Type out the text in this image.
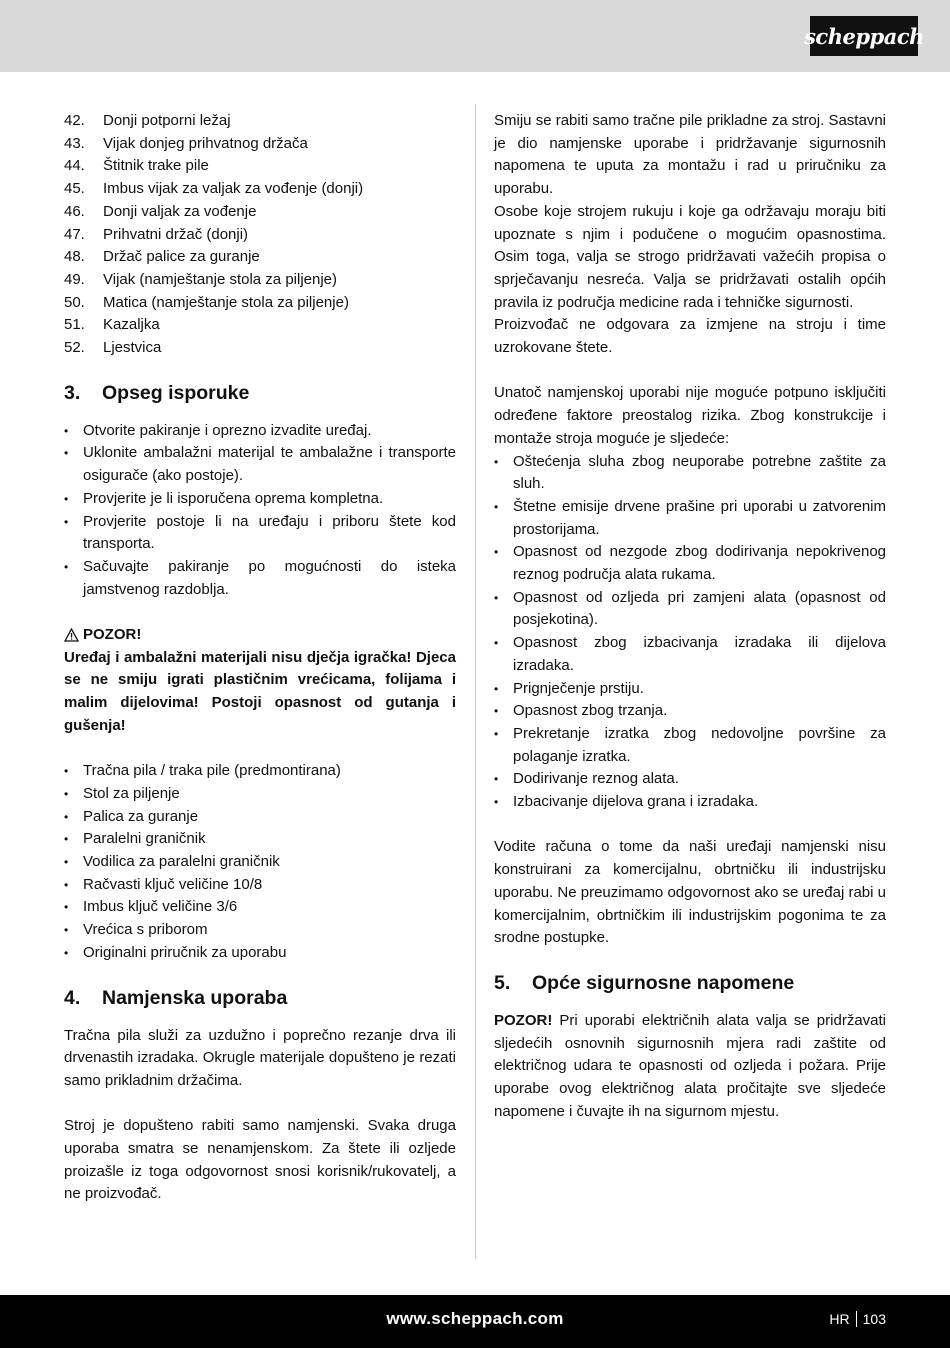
scheppach
42.	Donji potporni ležaj
43.	Vijak donjeg prihvatnog držača
44.	Štitnik trake pile
45.	Imbus vijak za valjak za vođenje (donji)
46.	Donji valjak za vođenje
47.	Prihvatni držač (donji)
48.	Držač palice za guranje
49.	Vijak (namještanje stola za piljenje)
50.	Matica (namještanje stola za piljenje)
51.	Kazaljka
52.	Ljestvica
3.	Opseg isporuke
• Otvorite pakiranje i oprezno izvadite uređaj.
• Uklonite ambalažni materijal te ambalažne i transporte osigurače (ako postoje).
• Provjerite je li isporučena oprema kompletna.
• Provjerite postoje li na uređaju i priboru štete kod transporta.
• Sačuvajte pakiranje po mogućnosti do isteka jamstvenog razdoblja.
POZOR!
Uređaj i ambalažni materijali nisu dječja igračka! Djeca se ne smiju igrati plastičnim vrećicama, folijama i malim dijelovima! Postoji opasnost od gutanja i gušenja!
• Tračna pila / traka pile (predmontirana)
• Stol za piljenje
• Palica za guranje
• Paralelni graničnik
• Vodilica za paralelni graničnik
• Račvasti ključ veličine 10/8
• Imbus ključ veličine 3/6
• Vrećica s priborom
• Originalni priručnik za uporabu
4.	Namjenska uporaba

Tračna pila služi za uzdužno i poprečno rezanje drva ili drvenastih izradaka. Okrugle materijale dopušteno je rezati samo prikladnim držačima.

Stroj je dopušteno rabiti samo namjenski. Svaka druga uporaba smatra se nenamjenskom. Za štete ili ozljede proizašle iz toga odgovornost snosi korisnik/rukovatelj, a ne proizvođač.

Smiju se rabiti samo tračne pile prikladne za stroj. Sastavni je dio namjenske uporabe i pridržavanje sigurnosnih napomena te uputa za montažu i rad u priručniku za uporabu.

Osobe koje strojem rukuju i koje ga održavaju moraju biti upoznate s njim i podučene o mogućim opasnostima. Osim toga, valja se strogo pridržavati važećih propisa o sprječavanju nesreća. Valja se pridržavati ostalih općih pravila iz područja medicine rada i tehničke sigurnosti.

Proizvođač ne odgovara za izmjene na stroju i time uzrokovane štete.

Unatoč namjenskoj uporabi nije moguće potpuno isključiti određene faktore preostalog rizika. Zbog konstrukcije i montaže stroja moguće je sljedeće:

• Oštećenja sluha zbog neuporabe potrebne zaštite za sluh.
• Štetne emisije drvene prašine pri uporabi u zatvorenim prostorijama.
• Opasnost od nezgode zbog dodirivanja nepokrivenog reznog područja alata rukama.
• Opasnost od ozljeda pri zamjeni alata (opasnost od posjekotina).
• Opasnost zbog izbacivanja izradaka ili dijelova izradaka.
• Prignječenje prstiju.
• Opasnost zbog trzanja.
• Prekretanje izratka zbog nedovoljne površine za polaganje izratka.
• Dodirivanje reznog alata.
• Izbacivanje dijelova grana i izradaka.

Vodite računa o tome da naši uređaji namjenski nisu konstruirani za komercijalnu, obrtničku ili industrijsku uporabu. Ne preuzimamo odgovornost ako se uređaj rabi u komercijalnim, obrtničkim ili industrijskim pogonima te za srodne postupke.

5.	Opće sigurnosne napomene

POZOR! Pri uporabi električnih alata valja se pridržavati sljedećih osnovnih sigurnosnih mjera radi zaštite od električnog udara te opasnosti od ozljeda i požara. Prije uporabe ovog električnog alata pročitajte sve sljedeće napomene i čuvajte ih na sigurnom mjestu.

www.scheppach.com	HR 103
